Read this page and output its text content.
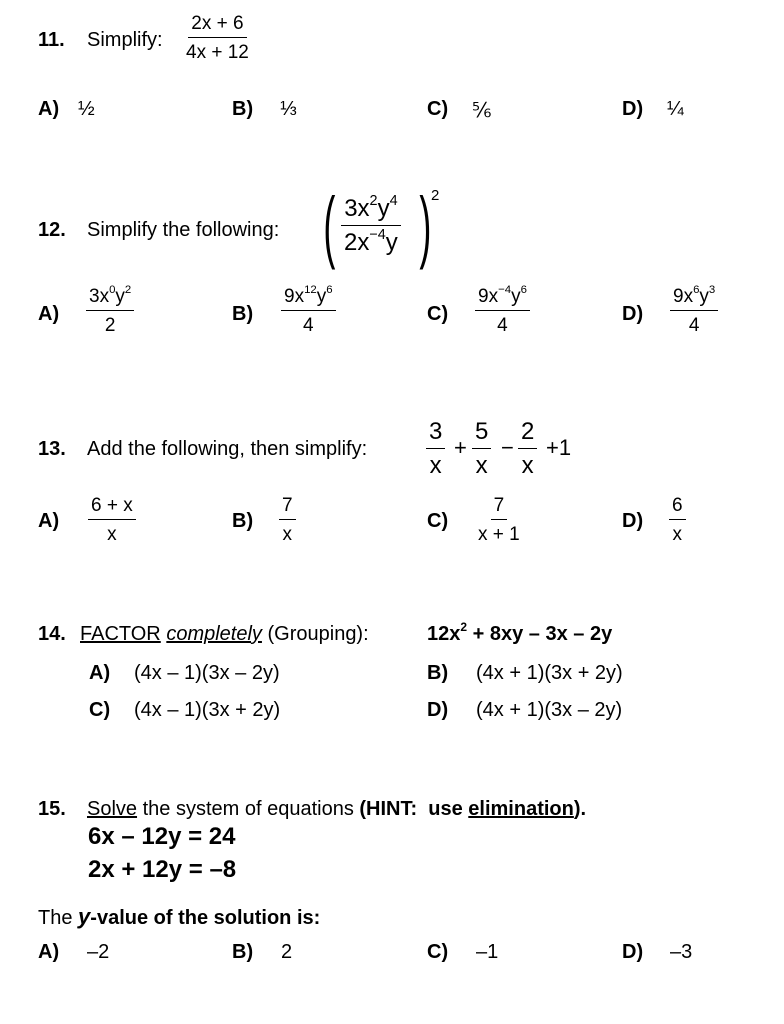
11. Simplify: $\frac{2x + 6}{4x + 12}$
A) ½	B) ⅓	C) ⅚	D) ¼
12. Simplify the following: ( $\frac{3x^2y^4}{2x^{-4}y}$ ) 2
$A) \frac{3x^0y^2}{2}$	$B) \frac{9x^{12}y^6}{4}$	$C) \frac{9x^{-4}y^6}{4}$	$D) \frac{9x^6y^3}{4}$
13. Add the following, then simplify: $\frac{3}{x} + \frac{5}{x} - \frac{2}{x} +1$
$A) \frac{6 + x}{x}$	$B) \frac{7}{x}$	$C) \frac{7}{x + 1}$	$D) \frac{6}{x}$
14. FACTOR completely (Grouping):	$12x^2 + 8xy - 3x - 2y$
A) (4x – 1)(3x – 2y)	B) (4x + 1)(3x + 2y)
C) (4x – 1)(3x + 2y)	D) (4x + 1)(3x – 2y)
15. Solve the system of equations (HINT:  use elimination).
6x – 12y = 24
2x + 12y = –8
The y-value of the solution is:
A) –2	B) 2	C) –1	D) –3
